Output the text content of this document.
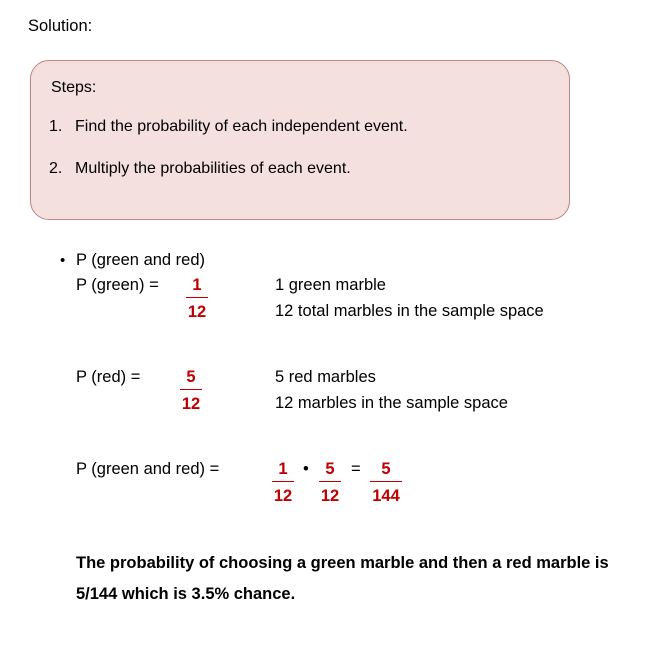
Solution:
Steps:
1. Find the probability of each independent event.
2. Multiply the probabilities of each event.
• P (green and red)
P (green) = $\frac{1}{12}$	1 green marble
12 total marbles in the sample space
P $(red) = \frac{5}{12}$	5 red marbles
12 marbles in the sample space
P (green and red) =	$\frac{1}{12}$ • $\frac{5}{12} = \frac{5}{144}$
The probability of choosing a green marble and then a red marble is 5/144 which is 3.5% chance.
